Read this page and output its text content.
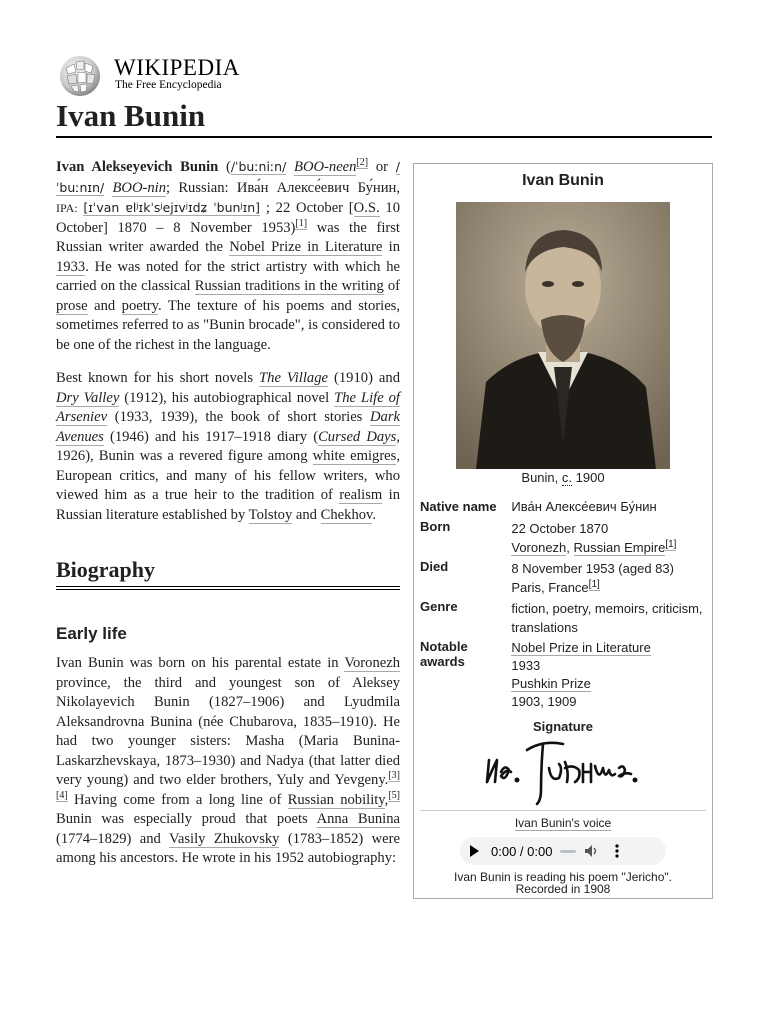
WIKIPEDIA
The Free Encyclopedia
Ivan Bunin

Ivan Alekseyevich Bunin (/ˈbuːniːn/ BOO-neen[2] or /ˈbuːnɪn/ BOO-nin; Russian: Ива́н Алексе́евич Бу́нин, IPA: [ɪˈvan ɐlʲɪkˈsʲejɪvʲɪdʑ ˈbunʲɪn] ; 22 October [O.S. 10 October] 1870 – 8 November 1953)[1] was the first Russian writer awarded the Nobel Prize in Literature in 1933. He was noted for the strict artistry with which he carried on the classical Russian traditions in the writing of prose and poetry. The texture of his poems and stories, sometimes referred to as "Bunin brocade", is considered to be one of the richest in the language.

Best known for his short novels The Village (1910) and Dry Valley (1912), his autobiographical novel The Life of Arseniev (1933, 1939), the book of short stories Dark Avenues (1946) and his 1917–1918 diary (Cursed Days, 1926), Bunin was a revered figure among white emigres, European critics, and many of his fellow writers, who viewed him as a true heir to the tradition of realism in Russian literature established by Tolstoy and Chekhov.

Biography
Early life

Ivan Bunin was born on his parental estate in Voronezh province, the third and youngest son of Aleksey Nikolayevich Bunin (1827–1906) and Lyudmila Aleksandrovna Bunina (née Chubarova, 1835–1910). He had two younger sisters: Masha (Maria Bunina-Laskarzhevskaya, 1873–1930) and Nadya (that latter died very young) and two elder brothers, Yuly and Yevgeny.[3][4] Having come from a long line of Russian nobility,[5] Bunin was especially proud that poets Anna Bunina (1774–1829) and Vasily Zhukovsky (1783–1852) were among his ancestors. He wrote in his 1952 autobiography:

Ivan Bunin
Bunin, c. 1900
Native name	Ива́н Алексе́евич Бу́нин
Born	22 October 1870
Voronezh, Russian Empire[1]
Died	8 November 1953 (aged 83)
Paris, France[1]
Genre	fiction, poetry, memoirs, criticism, translations
Notable awards
Nobel Prize in Literature
1933
Pushkin Prize
1903, 1909
Signature
Ivan Bunin's voice
0:00 / 0:00
Ivan Bunin is reading his poem "Jericho".
Recorded in 1908
